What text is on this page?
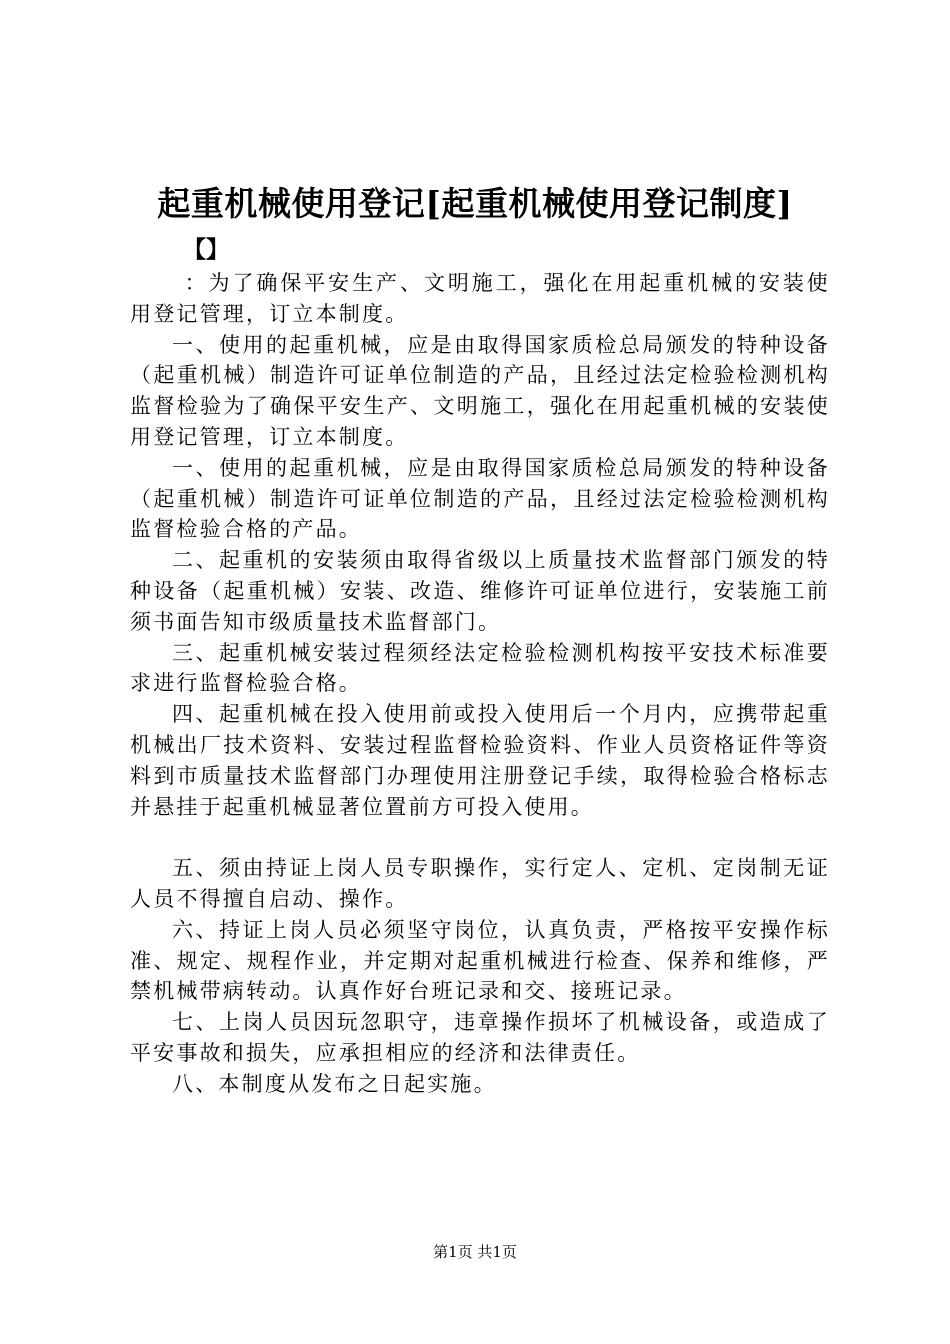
起重机械使用登记[起重机械使用登记制度]
【】

：为了确保平安生产、文明施工，强化在用起重机械的安装使用登记管理，订立本制度。

一、使用的起重机械，应是由取得国家质检总局颁发的特种设备（起重机械）制造许可证单位制造的产品，且经过法定检验检测机构监督检验为了确保平安生产、文明施工，强化在用起重机械的安装使用登记管理，订立本制度。

一、使用的起重机械，应是由取得国家质检总局颁发的特种设备（起重机械）制造许可证单位制造的产品，且经过法定检验检测机构监督检验合格的产品。

二、起重机的安装须由取得省级以上质量技术监督部门颁发的特种设备（起重机械）安装、改造、维修许可证单位进行，安装施工前须书面告知市级质量技术监督部门。

三、起重机械安装过程须经法定检验检测机构按平安技术标准要求进行监督检验合格。

四、起重机械在投入使用前或投入使用后一个月内，应携带起重机械出厂技术资料、安装过程监督检验资料、作业人员资格证件等资料到市质量技术监督部门办理使用注册登记手续，取得检验合格标志并悬挂于起重机械显著位置前方可投入使用。

五、须由持证上岗人员专职操作，实行定人、定机、定岗制无证人员不得擅自启动、操作。

六、持证上岗人员必须坚守岗位，认真负责，严格按平安操作标准、规定、规程作业，并定期对起重机械进行检查、保养和维修，严禁机械带病转动。认真作好台班记录和交、接班记录。

七、上岗人员因玩忽职守，违章操作损坏了机械设备，或造成了平安事故和损失，应承担相应的经济和法律责任。

八、本制度从发布之日起实施。

第1页 共1页
